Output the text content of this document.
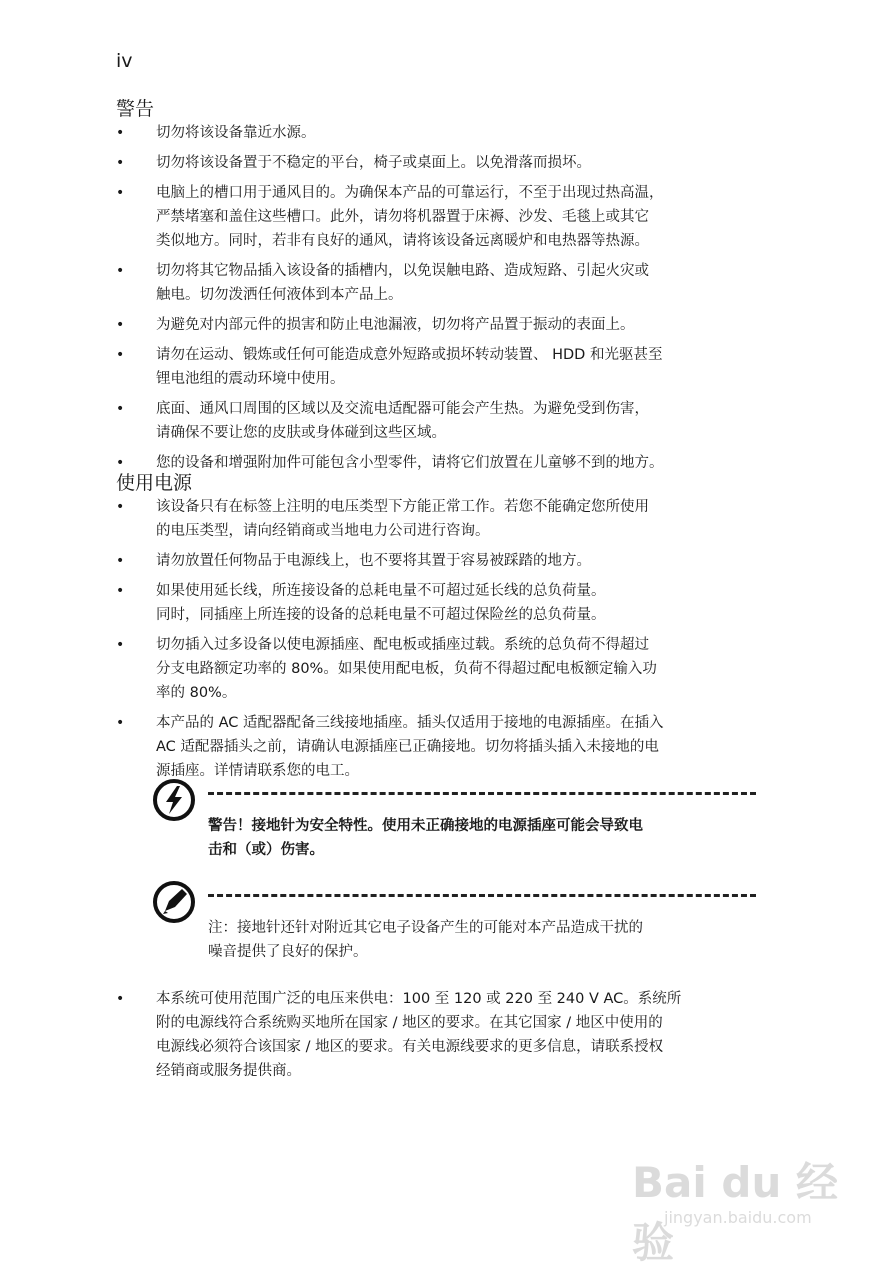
iv
警告
• 切勿将该设备靠近水源。
• 切勿将该设备置于不稳定的平台，椅子或桌面上。以免滑落而损坏。
• 电脑上的槽口用于通风目的。为确保本产品的可靠运行，不至于出现过热高温，
严禁堵塞和盖住这些槽口。此外，请勿将机器置于床褥、沙发、毛毯上或其它
类似地方。同时，若非有良好的通风，请将该设备远离暖炉和电热器等热源。
• 切勿将其它物品插入该设备的插槽内，以免误触电路、造成短路、引起火灾或
触电。切勿泼洒任何液体到本产品上。
• 为避免对内部元件的损害和防止电池漏液，切勿将产品置于振动的表面上。
• 请勿在运动、锻炼或任何可能造成意外短路或损坏转动装置、 HDD 和光驱甚至
锂电池组的震动环境中使用。
• 底面、通风口周围的区域以及交流电适配器可能会产生热。为避免受到伤害，
请确保不要让您的皮肤或身体碰到这些区域。
• 您的设备和增强附加件可能包含小型零件，请将它们放置在儿童够不到的地方。
使用电源
• 该设备只有在标签上注明的电压类型下方能正常工作。若您不能确定您所使用
的电压类型，请向经销商或当地电力公司进行咨询。
• 请勿放置任何物品于电源线上，也不要将其置于容易被踩踏的地方。
• 如果使用延长线，所连接设备的总耗电量不可超过延长线的总负荷量。
同时，同插座上所连接的设备的总耗电量不可超过保险丝的总负荷量。
• 切勿插入过多设备以使电源插座、配电板或插座过载。系统的总负荷不得超过
分支电路额定功率的 80%。如果使用配电板，负荷不得超过配电板额定输入功
率的 80%。
• 本产品的 AC 适配器配备三线接地插座。插头仅适用于接地的电源插座。在插入
AC 适配器插头之前，请确认电源插座已正确接地。切勿将插头插入未接地的电
源插座。详情请联系您的电工。
警告！接地针为安全特性。使用未正确接地的电源插座可能会导致电
击和（或）伤害。
注：接地针还针对附近其它电子设备产生的可能对本产品造成干扰的
噪音提供了良好的保护。
• 本系统可使用范围广泛的电压来供电：100 至 120 或 220 至 240 V AC。系统所
附的电源线符合系统购买地所在国家 / 地区的要求。在其它国家 / 地区中使用的
电源线必须符合该国家 / 地区的要求。有关电源线要求的更多信息，请联系授权
经销商或服务提供商。
Bai du 经验
jingyan.baidu.com
